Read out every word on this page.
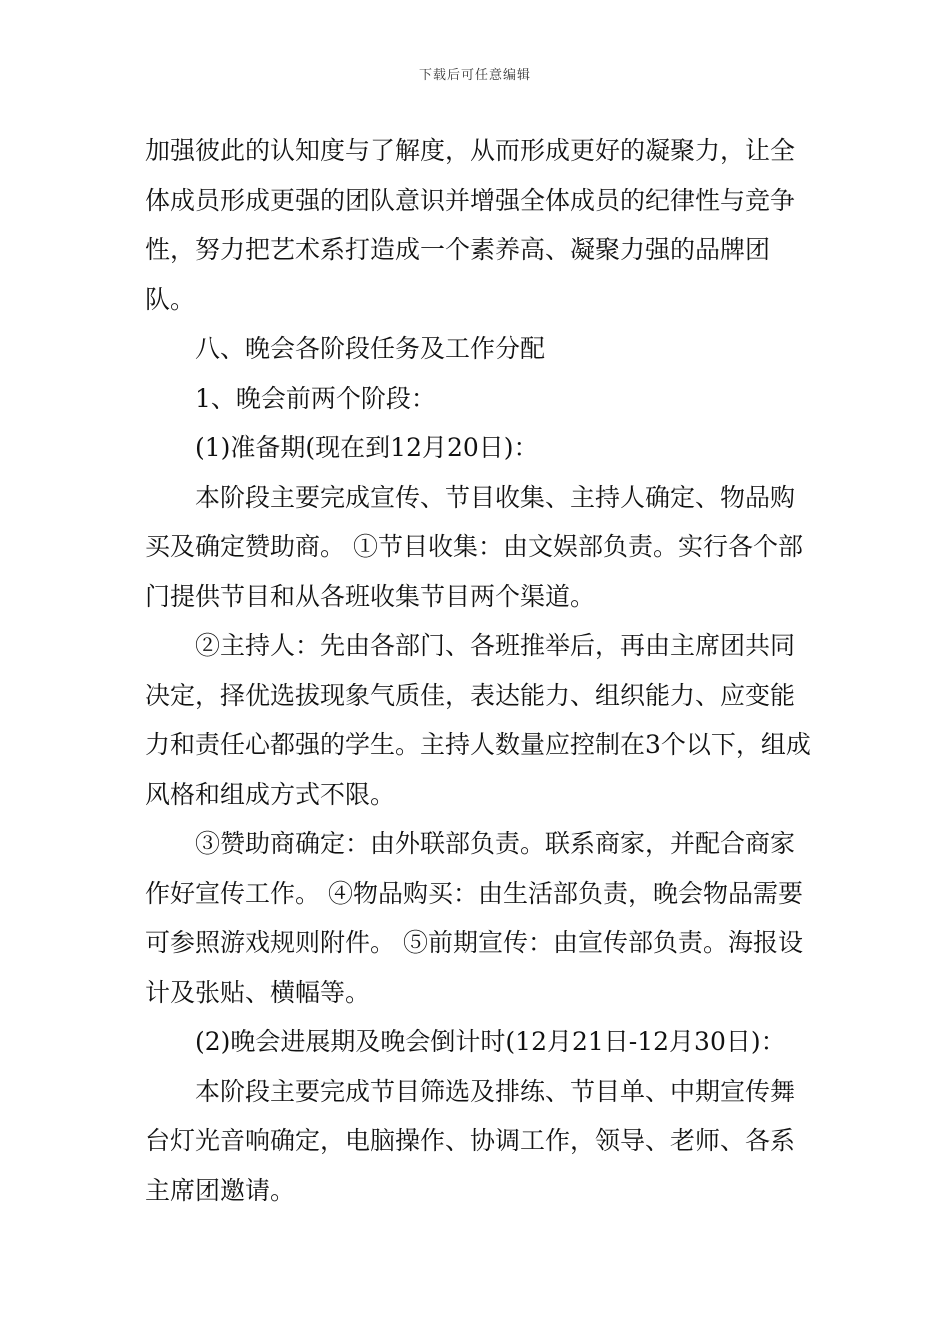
下载后可任意编辑

加强彼此的认知度与了解度，从而形成更好的凝聚力，让全体成员形成更强的团队意识并增强全体成员的纪律性与竞争性，努力把艺术系打造成一个素养高、凝聚力强的品牌团队。

八、晚会各阶段任务及工作分配

1、晚会前两个阶段：

(1)准备期(现在到12月20日)：

本阶段主要完成宣传、节目收集、主持人确定、物品购买及确定赞助商。 ①节目收集：由文娱部负责。实行各个部门提供节目和从各班收集节目两个渠道。

②主持人：先由各部门、各班推举后，再由主席团共同决定，择优选拔现象气质佳，表达能力、组织能力、应变能力和责任心都强的学生。主持人数量应控制在3个以下，组成风格和组成方式不限。

③赞助商确定：由外联部负责。联系商家，并配合商家作好宣传工作。 ④物品购买：由生活部负责，晚会物品需要可参照游戏规则附件。 ⑤前期宣传：由宣传部负责。海报设计及张贴、横幅等。

(2)晚会进展期及晚会倒计时(12月21日-12月30日)：

本阶段主要完成节目筛选及排练、节目单、中期宣传舞台灯光音响确定，电脑操作、协调工作，领导、老师、各系主席团邀请。
